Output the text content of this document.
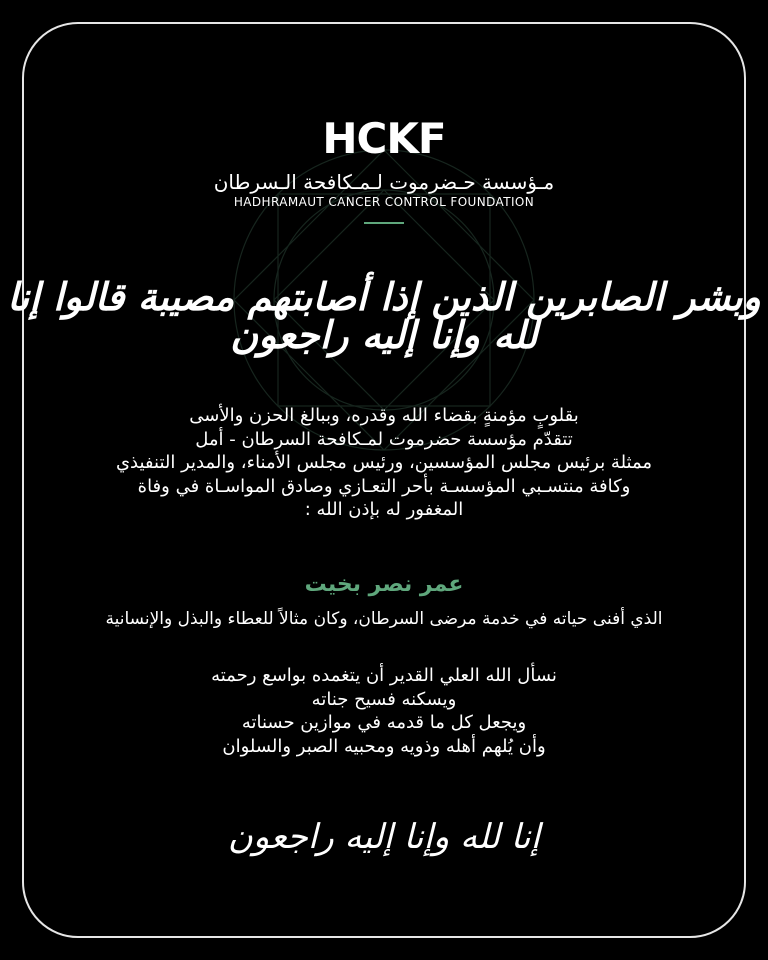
HCKF
مـؤسسة حـضرموت لـمـكافحة الـسرطان
HADHRAMAUT CANCER CONTROL FOUNDATION
وبشر الصابرين الذين إذا أصابتهم مصيبة قالوا إنا لله وإنا إليه راجعون
بقلوبٍ مؤمنةٍ بقضاء الله وقدره، وببالغ الحزن والأسى
تتقدّم مؤسسة حضرموت لمـكافحة السرطان - أمل
ممثلة برئيس مجلس المؤسسين، ورئيس مجلس الأمناء، والمدير التنفيذي
وكافة منتسـبي المؤسسـة بأحر التعـازي وصادق المواسـاة في وفاة
المغفور له بإذن الله :
عمر نصر بخيت
الذي أفنى حياته في خدمة مرضى السرطان، وكان مثالاً للعطاء والبذل والإنسانية
نسأل الله العلي القدير أن يتغمده بواسع رحمته
ويسكنه فسيح جناته
ويجعل كل ما قدمه في موازين حسناته
وأن يُلهم أهله وذويه ومحبيه الصبر والسلوان
إنا لله وإنا إليه راجعون
